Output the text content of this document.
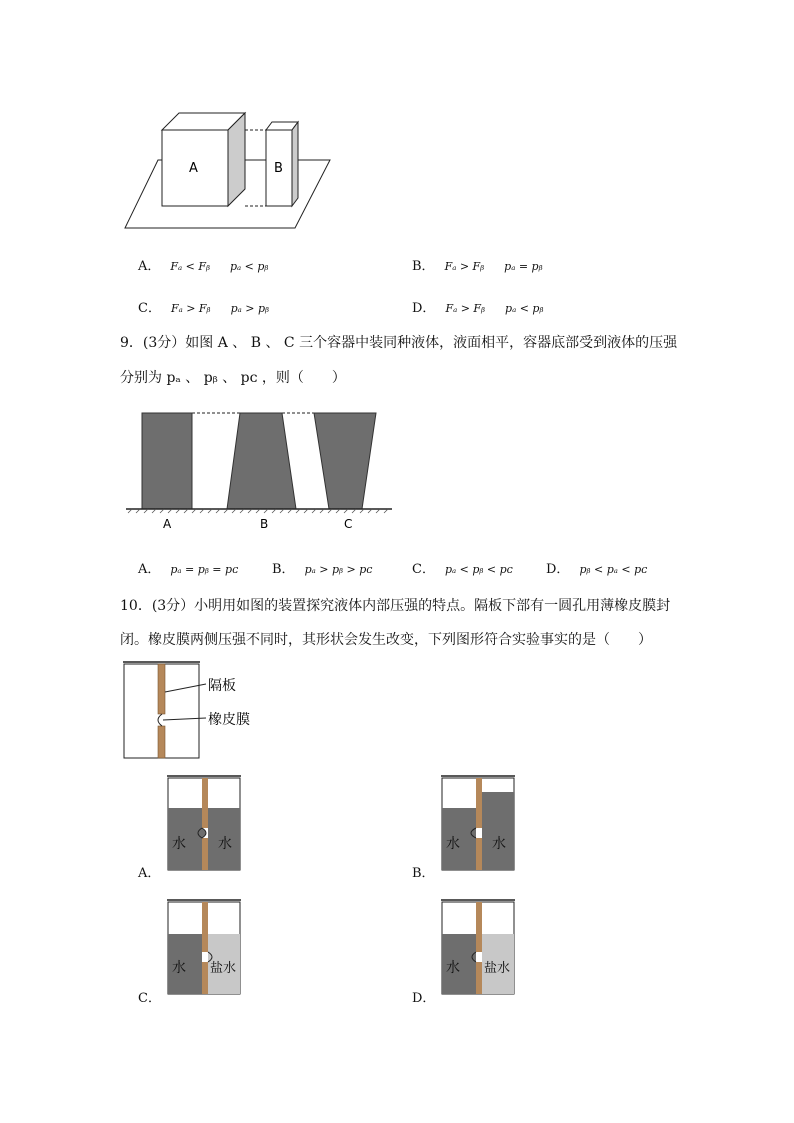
A	B
A． Fₐ < Fᵦ pₐ < pᵦ	B． Fₐ > Fᵦ pₐ = pᵦ
C． Fₐ > Fᵦ pₐ > pᵦ	D． Fₐ > Fᵦ pₐ < pᵦ
9．(3分）如图 A 、 B 、 C 三个容器中装同种液体，液面相平，容器底部受到液体的压强
分别为 pₐ 、 pᵦ 、 pᴄ ，则（　　）
A	B	C
A． pₐ = pᵦ = pᴄ	B． pₐ > pᵦ > pᴄ	C． pₐ < pᵦ < pᴄ	D． pᵦ < pₐ < pᴄ
10．(3分）小明用如图的装置探究液体内部压强的特点。隔板下部有一圆孔用薄橡皮膜封
闭。橡皮膜两侧压强不同时，其形状会发生改变，下列图形符合实验事实的是（　　）
隔板
橡皮膜
A．
水 水
B．
水 水
C．
水 盐水
D．
水 盐水
